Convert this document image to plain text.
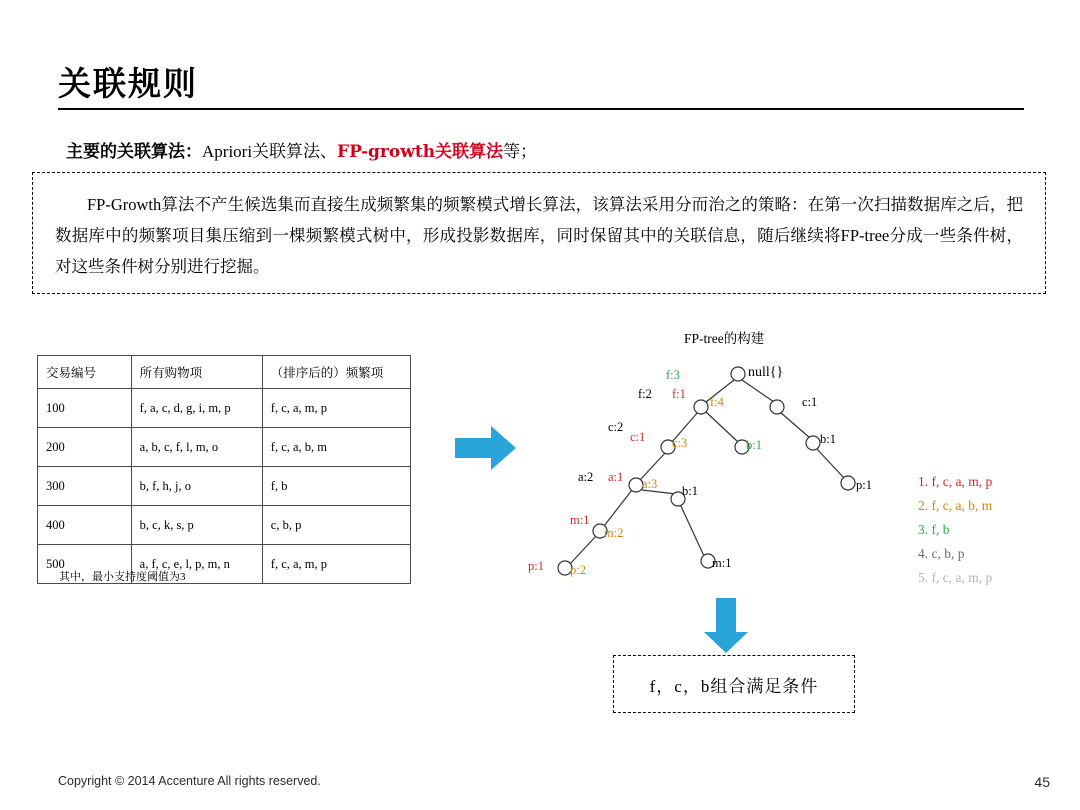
关联规则
主要的关联算法：Apriori关联算法、FP-growth关联算法等；

FP-Growth算法不产生候选集而直接生成频繁集的频繁模式增长算法，该算法采用分而治之的策略：在第一次扫描数据库之后，把数据库中的频繁项目集压缩到一棵频繁模式树中，形成投影数据库，同时保留其中的关联信息，随后继续将FP-tree分成一些条件树，对这些条件树分别进行挖掘。

交易编号	所有购物项	（排序后的）频繁项
100	f, a, c, d, g, i, m, p	f, c, a, m, p
200	a, b, c, f, l, m, o	f, c, a, b, m
300	b, f, h, j, o	f, b
400	b, c, k, s, p	c, b, p
500	a, f, c, e, l, p, m, n	f, c, a, m, p
其中，最小支持度阈值为3
FP-tree的构建
null{}
f:3
f:2 f:1
f:4	c:1
c:2
c:1 c:3	b:1	b:1
a:2 a:1 a:3 b:1	p:1
m:1
m:2
m:1
p:1 p:2
1. f, c, a, m, p
2. f, c, a, b, m
3. f, b
4. c, b, p
5. f, c, a, m, p
f，c，b组合满足条件
Copyright © 2014 Accenture All rights reserved.	45
